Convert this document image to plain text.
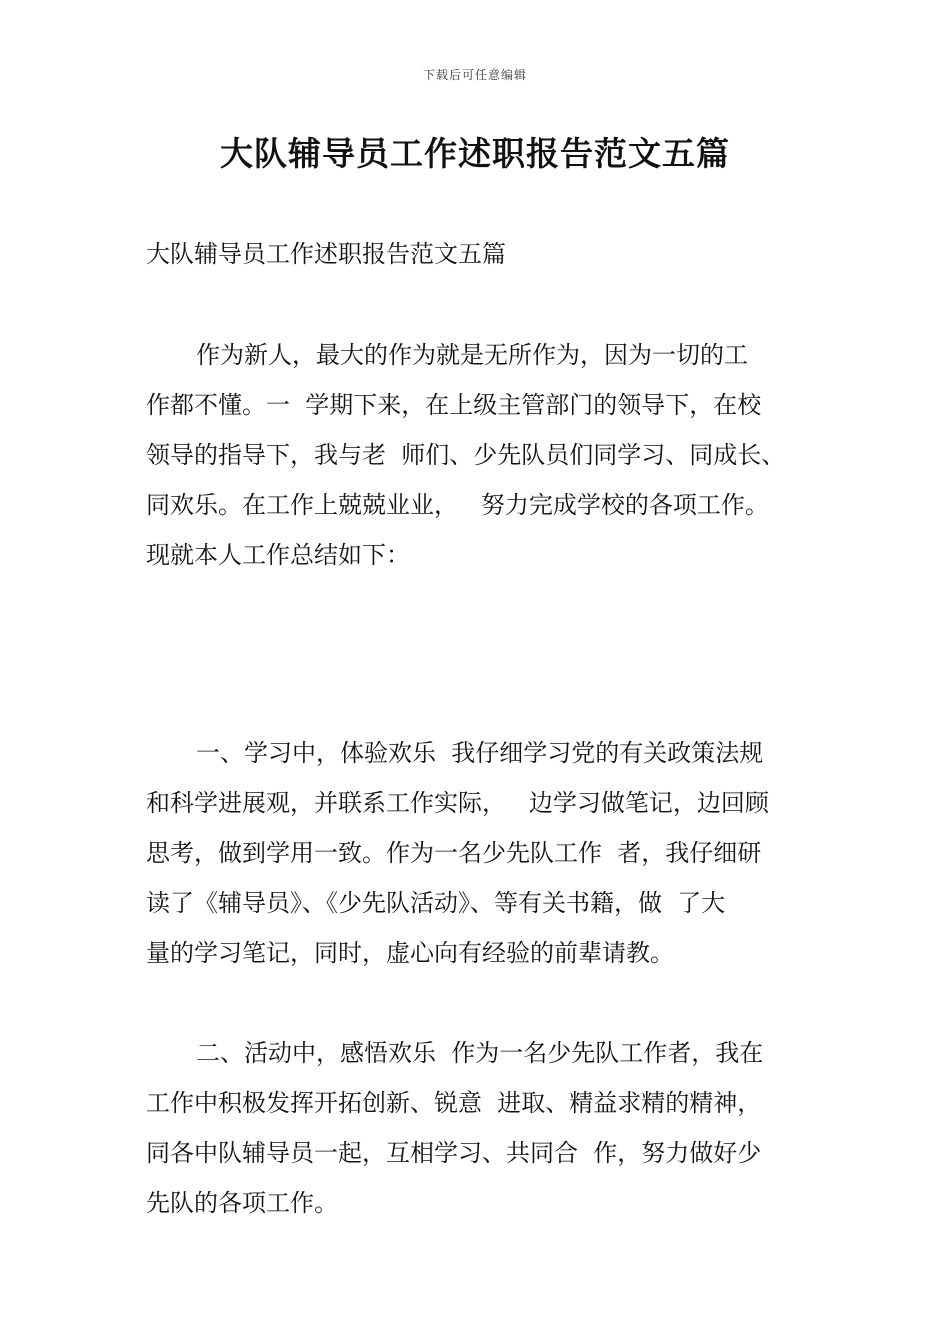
下载后可任意编辑
大队辅导员工作述职报告范文五篇
大队辅导员工作述职报告范文五篇
作为新人，最大的作为就是无所作为，因为一切的工
作都不懂。一  学期下来，在上级主管部门的领导下，在校
领导的指导下，我与老  师们、少先队员们同学习、同成长、
同欢乐。在工作上兢兢业业，   努力完成学校的各项工作。
现就本人工作总结如下：
一、学习中，体验欢乐  我仔细学习党的有关政策法规
和科学进展观，并联系工作实际，   边学习做笔记，边回顾
思考，做到学用一致。作为一名少先队工作  者，我仔细研
读了《辅导员》、《少先队活动》、等有关书籍，做  了大
量的学习笔记，同时，虚心向有经验的前辈请教。
二、活动中，感悟欢乐  作为一名少先队工作者，我在
工作中积极发挥开拓创新、锐意  进取、精益求精的精神，
同各中队辅导员一起，互相学习、共同合  作，努力做好少
先队的各项工作。
